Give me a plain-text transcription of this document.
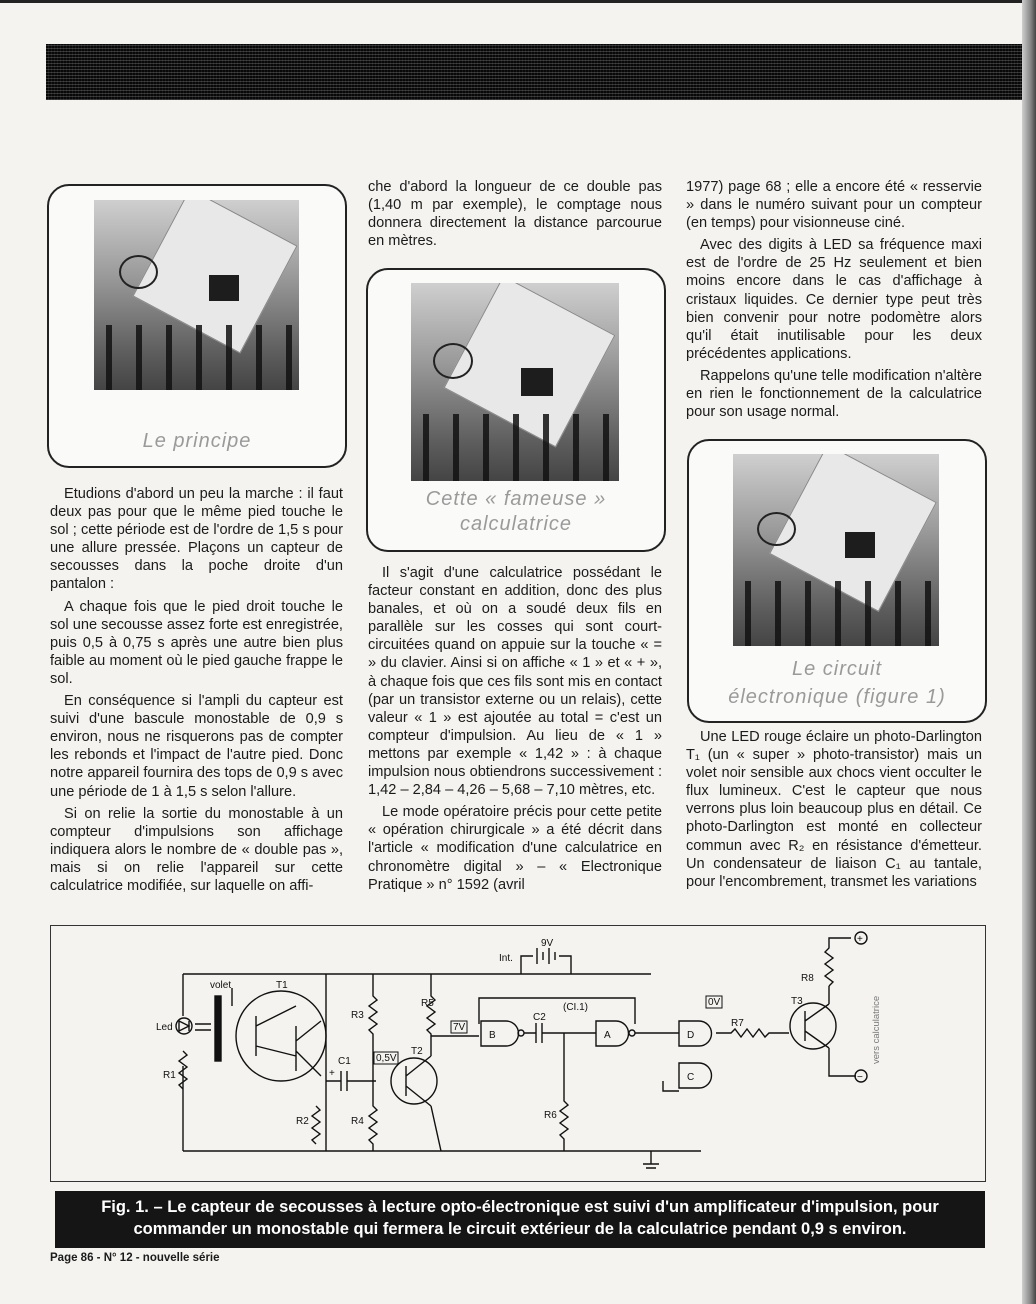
Le principe
Cette « fameuse »
calculatrice
Le circuit
électronique (figure 1)

Etudions d'abord un peu la marche : il faut deux pas pour que le même pied touche le sol ; cette période est de l'ordre de 1,5 s pour une allure pressée. Plaçons un capteur de secousses dans la poche droite d'un pantalon :

A chaque fois que le pied droit touche le sol une secousse assez forte est enregistrée, puis 0,5 à 0,75 s après une autre bien plus faible au moment où le pied gauche frappe le sol.

En conséquence si l'ampli du capteur est suivi d'une bascule monostable de 0,9 s environ, nous ne risquerons pas de compter les rebonds et l'impact de l'autre pied. Donc notre appareil fournira des tops de 0,9 s avec une période de 1 à 1,5 s selon l'allure.

Si on relie la sortie du monostable à un compteur d'impulsions son affichage indiquera alors le nombre de « double pas », mais si on relie l'appareil sur cette calculatrice modifiée, sur laquelle on affi-

che d'abord la longueur de ce double pas (1,40 m par exemple), le comptage nous donnera directement la distance parcourue en mètres.

Il s'agit d'une calculatrice possédant le facteur constant en addition, donc des plus banales, et où on a soudé deux fils en parallèle sur les cosses qui sont court-circuitées quand on appuie sur la touche « = » du clavier. Ainsi si on affiche « 1 » et « + », à chaque fois que ces fils sont mis en contact (par un transistor externe ou un relais), cette valeur « 1 » est ajoutée au total = c'est un compteur d'impulsion. Au lieu de « 1 » mettons par exemple « 1,42 » : à chaque impulsion nous obtiendrons successivement : 1,42 – 2,84 – 4,26 – 5,68 – 7,10 mètres, etc.

Le mode opératoire précis pour cette petite « opération chirurgicale » a été décrit dans l'article « modification d'une calculatrice en chronomètre digital » – « Electronique Pratique » n° 1592 (avril

1977) page 68 ; elle a encore été « resservie » dans le numéro suivant pour un compteur (en temps) pour visionneuse ciné.

Avec des digits à LED sa fréquence maxi est de l'ordre de 25 Hz seulement et bien moins encore dans le cas d'affichage à cristaux liquides. Ce dernier type peut très bien convenir pour notre podomètre alors qu'il était inutilisable pour les deux précédentes applications.

Rappelons qu'une telle modification n'altère en rien le fonctionnement de la calculatrice pour son usage normal.

Une LED rouge éclaire un photo-Darlington T₁ (un « super » photo-transistor) mais un volet noir sensible aux chocs vient occulter le flux lumineux. C'est le capteur que nous verrons plus loin beaucoup plus en détail. Ce photo-Darlington est monté en collecteur commun avec R₂ en résistance d'émetteur. Un condensateur de liaison C₁ au tantale, pour l'encombrement, transmet les variations

volet	T1
Led
R1
R2
R3
R4
R5
R6
R7
R8
C1
C2
T2
T3
0,5V
7V
0V
9V
Int.
(CI.1)
A
B
C
D
+
+
−
vers calculatrice
Fig. 1. – Le capteur de secousses à lecture opto-électronique est suivi d'un amplificateur d'impulsion, pour
commander un monostable qui fermera le circuit extérieur de la calculatrice pendant 0,9 s environ.
Page 86 - N° 12 - nouvelle série
